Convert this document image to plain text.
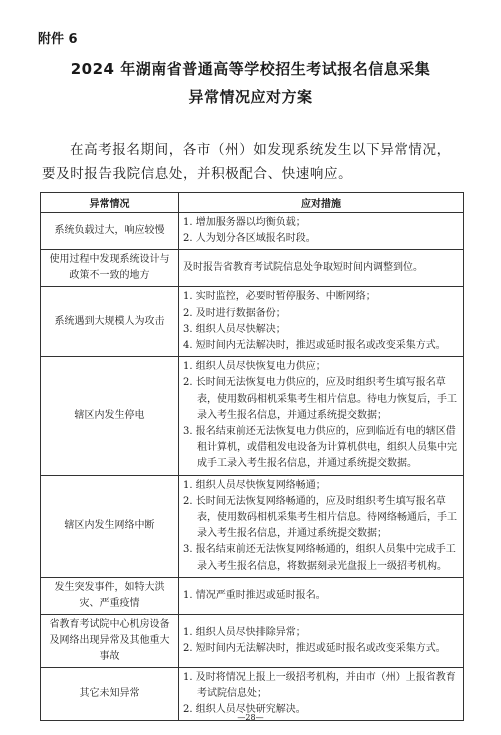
附件 6
2024 年湖南省普通高等学校招生考试报名信息采集
异常情况应对方案
在高考报名期间，各市（州）如发现系统发生以下异常情况，
要及时报告我院信息处，并积极配合、快速响应。
异常情况	应对措施
系统负载过大，响应较慢	1. 增加服务器以均衡负载；
2. 人为划分各区域报名时段。

使用过程中发现系统设计与政策不一致的地方	及时报告省教育考试院信息处争取短时间内调整到位。

系统遇到大规模人为攻击	1. 实时监控，必要时暂停服务、中断网络；
2. 及时进行数据备份；
3. 组织人员尽快解决；
4. 短时间内无法解决时，推迟或延时报名或改变采集方式。

辖区内发生停电	1. 组织人员尽快恢复电力供应；
2. 长时间无法恢复电力供应的，应及时组织考生填写报名草表，使用数码相机采集考生相片信息。待电力恢复后，手工录入考生报名信息，并通过系统提交数据；
3. 报名结束前还无法恢复电力供应的，应到临近有电的辖区借租计算机，或借租发电设备为计算机供电，组织人员集中完成手工录入考生报名信息，并通过系统提交数据。

辖区内发生网络中断	1. 组织人员尽快恢复网络畅通；
2. 长时间无法恢复网络畅通的，应及时组织考生填写报名草表，使用数码相机采集考生相片信息。待网络畅通后，手工录入考生报名信息，并通过系统提交数据；
3. 报名结束前还无法恢复网络畅通的，组织人员集中完成手工录入考生报名信息，将数据刻录光盘报上一级招考机构。

发生突发事件，如特大洪灾、严重疫情	1. 情况严重时推迟或延时报名。

省教育考试院中心机房设备及网络出现异常及其他重大事故	1. 组织人员尽快排除异常；
2. 短时间内无法解决时，推迟或延时报名或改变采集方式。

其它未知异常	1. 及时将情况上报上一级招考机构，并由市（州）上报省教育考试院信息处；
2. 组织人员尽快研究解决。
—28—
